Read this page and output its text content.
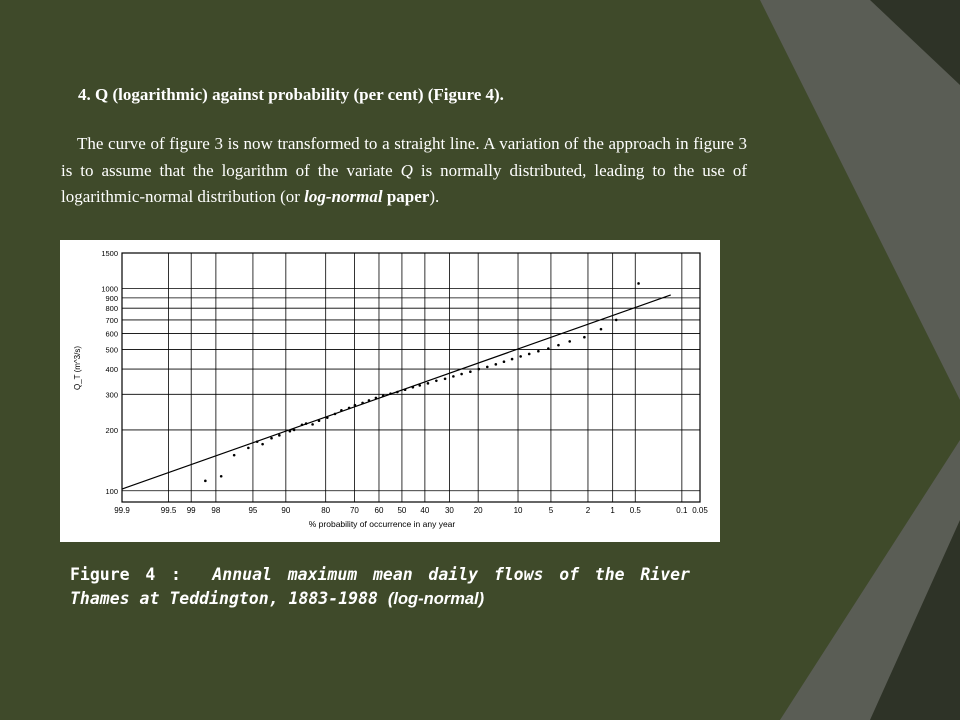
4. Q (logarithmic) against probability (per cent) (Figure 4).

The curve of figure 3 is now transformed to a straight line. A variation of the approach in figure 3 is to assume that the logarithm of the variate Q is normally distributed, leading to the use of logarithmic-normal distribution (or log-normal paper).

100
200
300
400
500
600
700
800
900
1000
1500
99.9	99.5 99 98	95	90	80 70 60 50 40 30 20	10	5	2	1 0.5	0.1 0.05
Q_T (m^3/s)
% probability of occurrence in any year

Figure 4 : Annual maximum mean daily flows of the River Thames at Teddington, 1883-1988 (log-normal)
